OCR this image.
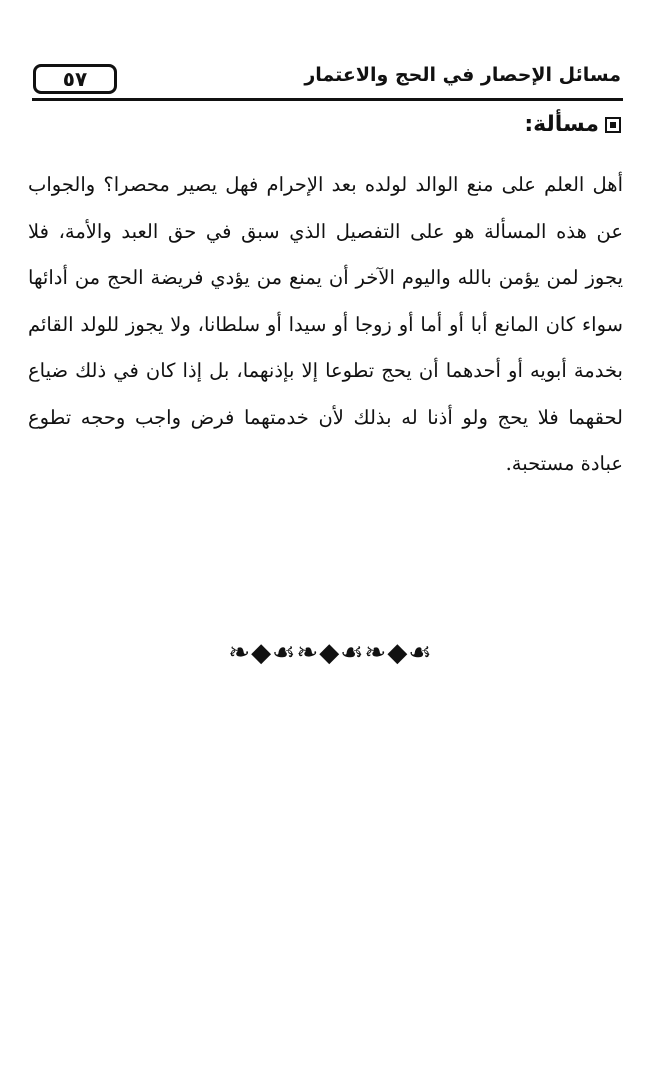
٥٧	مسائل الإحصار في الحج والاعتمار
مسألة:
أهل العلم على منع الوالد لولده بعد الإحرام فهل يصير محصرا؟ والجواب عن هذه المسألة هو على التفصيل الذي سبق في حق العبد والأمة، فلا يجوز لمن يؤمن بالله واليوم الآخر أن يمنع من يؤدي فريضة الحج من أدائها سواء كان المانع أبا أو أما أو زوجا أو سيدا أو سلطانا، ولا يجوز للولد القائم بخدمة أبويه أو أحدهما أن يحج تطوعا إلا بإذنهما، بل إذا كان في ذلك ضياع لحقهما فلا يحج ولو أذنا له بذلك لأن خدمتهما فرض واجب وحجه تطوع عبادة مستحبة.
❧◆☙❧◆☙❧◆☙
